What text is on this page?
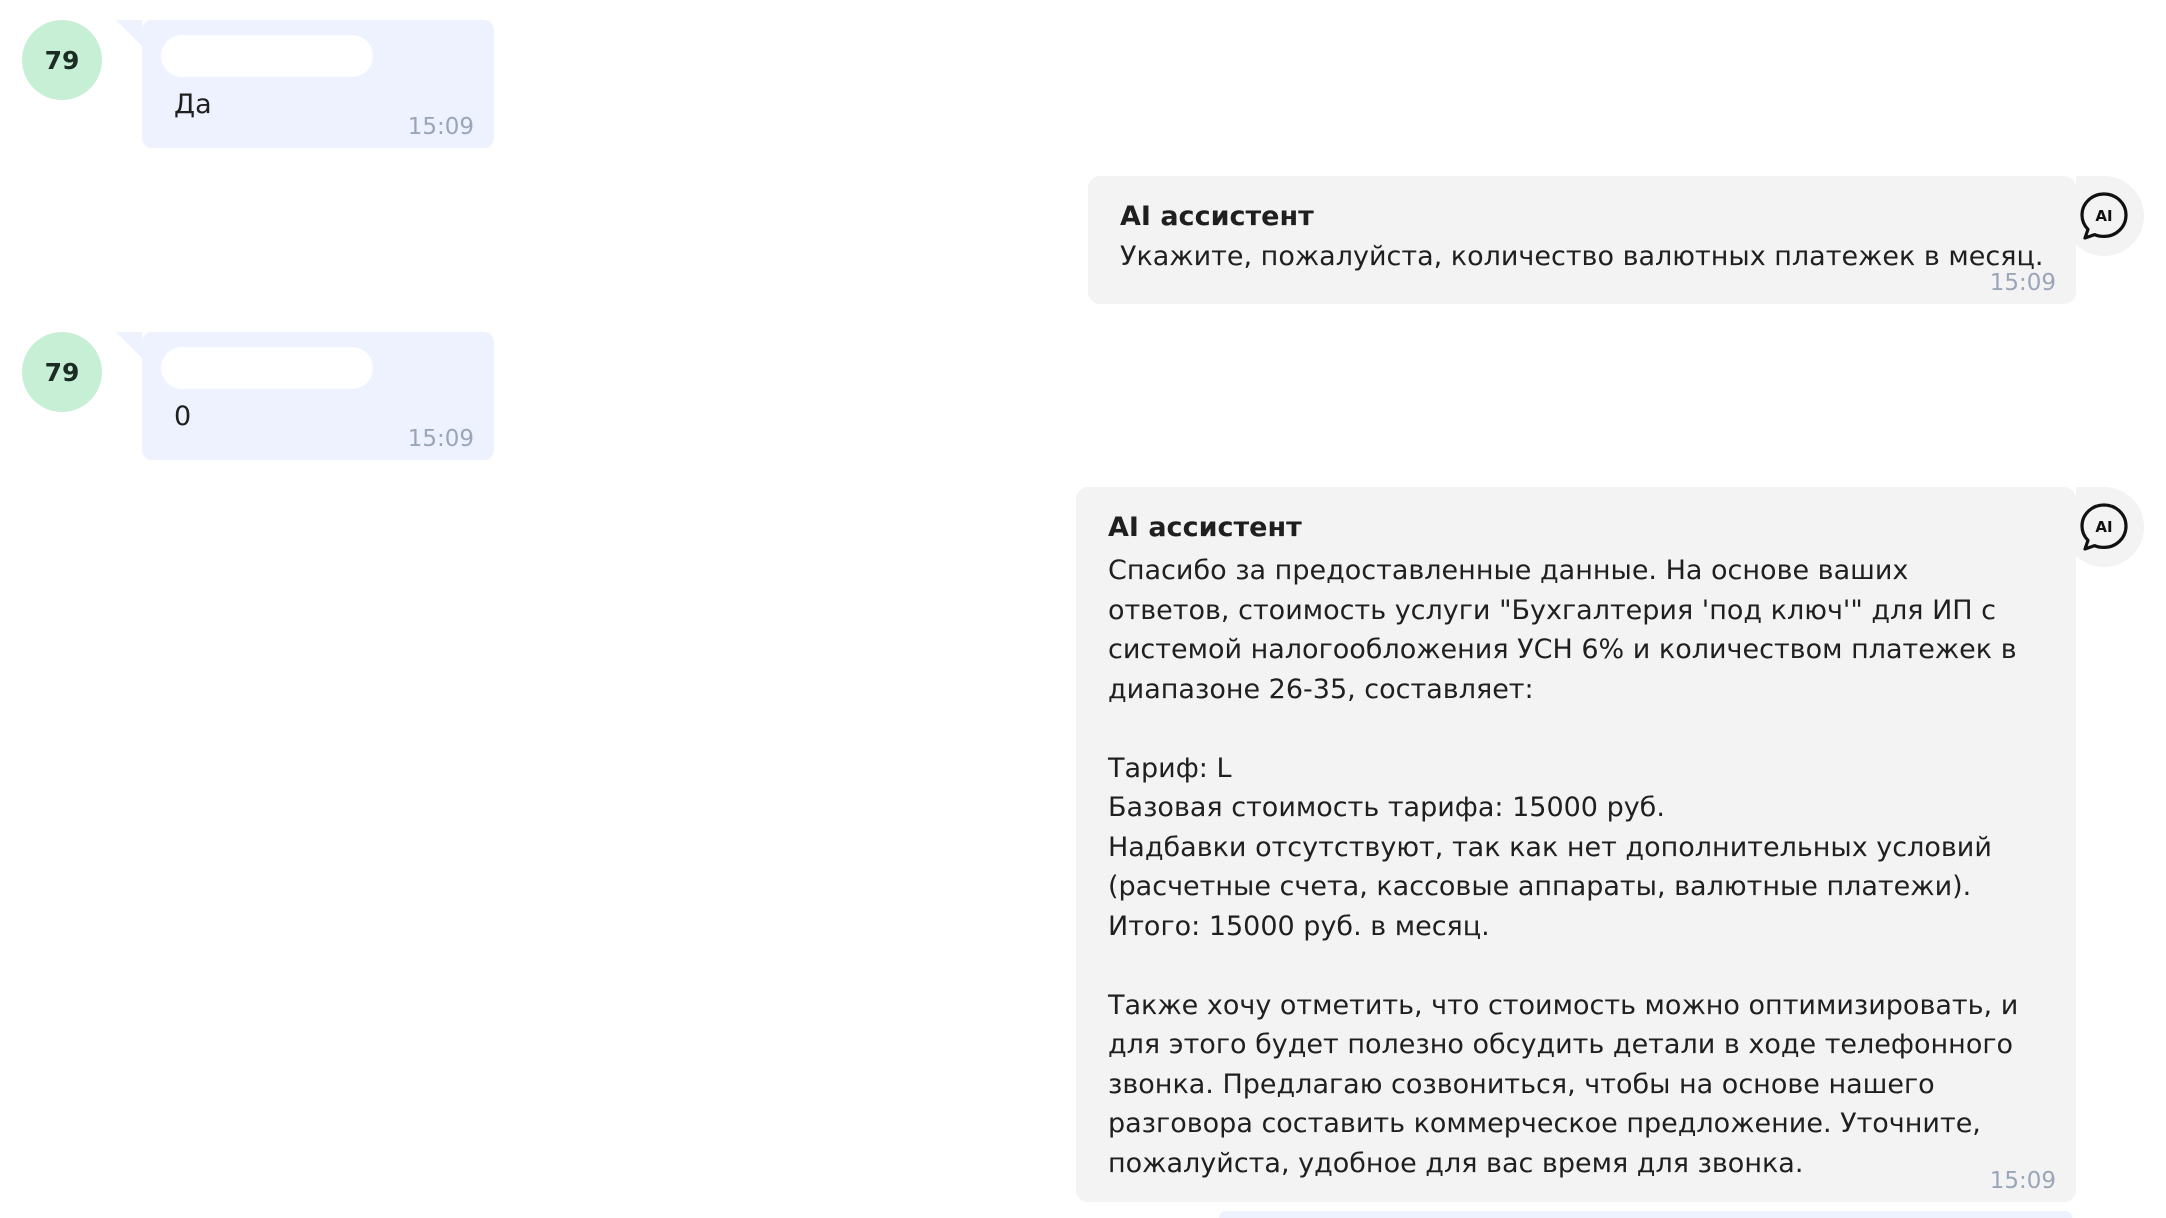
79
Да
15:09
AI ассистент
Укажите, пожалуйста, количество валютных платежек в месяц.
15:09
AI
79
0
15:09
AI ассистент
Спасибо за предоставленные данные. На основе ваших
ответов, стоимость услуги "Бухгалтерия 'под ключ'" для ИП с
системой налогообложения УСН 6% и количеством платежек в
диапазоне 26-35, составляет:

Тариф: L
Базовая стоимость тарифа: 15000 руб.
Надбавки отсутствуют, так как нет дополнительных условий
(расчетные счета, кассовые аппараты, валютные платежи).
Итого: 15000 руб. в месяц.

Также хочу отметить, что стоимость можно оптимизировать, и
для этого будет полезно обсудить детали в ходе телефонного
звонка. Предлагаю созвониться, чтобы на основе нашего
разговора составить коммерческое предложение. Уточните,
пожалуйста, удобное для вас время для звонка.
15:09
AI
